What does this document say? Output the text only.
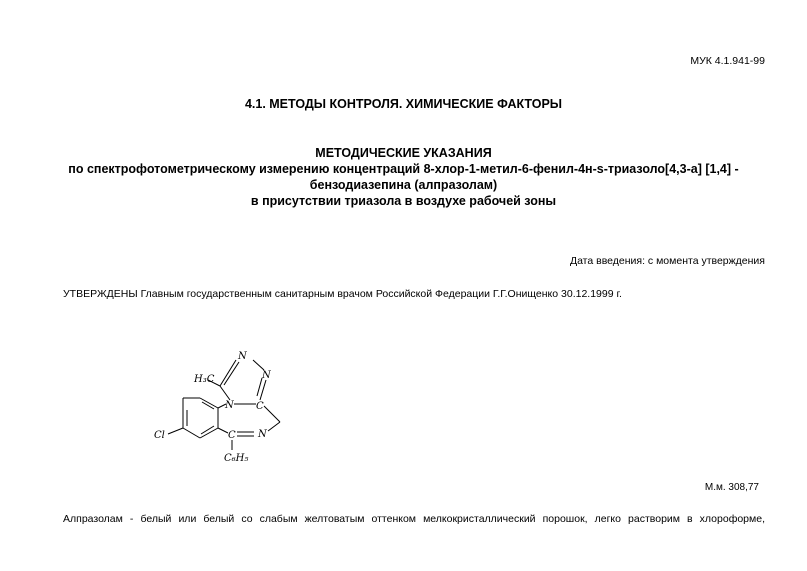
МУК 4.1.941-99
4.1. МЕТОДЫ КОНТРОЛЯ. ХИМИЧЕСКИЕ ФАКТОРЫ
МЕТОДИЧЕСКИЕ УКАЗАНИЯ
по спектрофотометрическому измерению концентраций 8-хлор-1-метил-6-фенил-4н-s-триазоло[4,3-а] [1,4] -
бензодиазепина (алпразолам)
в присутствии триазола в воздухе рабочей зоны
Дата введения: с момента утверждения
УТВЕРЖДЕНЫ Главным государственным санитарным врачом Российской Федерации Г.Г.Онищенко 30.12.1999 г.
N
N
N C
N
C
H₃C
Cl
C₆H₅
М.м. 308,77
Алпразолам - белый или белый со слабым желтоватым оттенком мелкокристаллический порошок, легко растворим в хлороформе,
